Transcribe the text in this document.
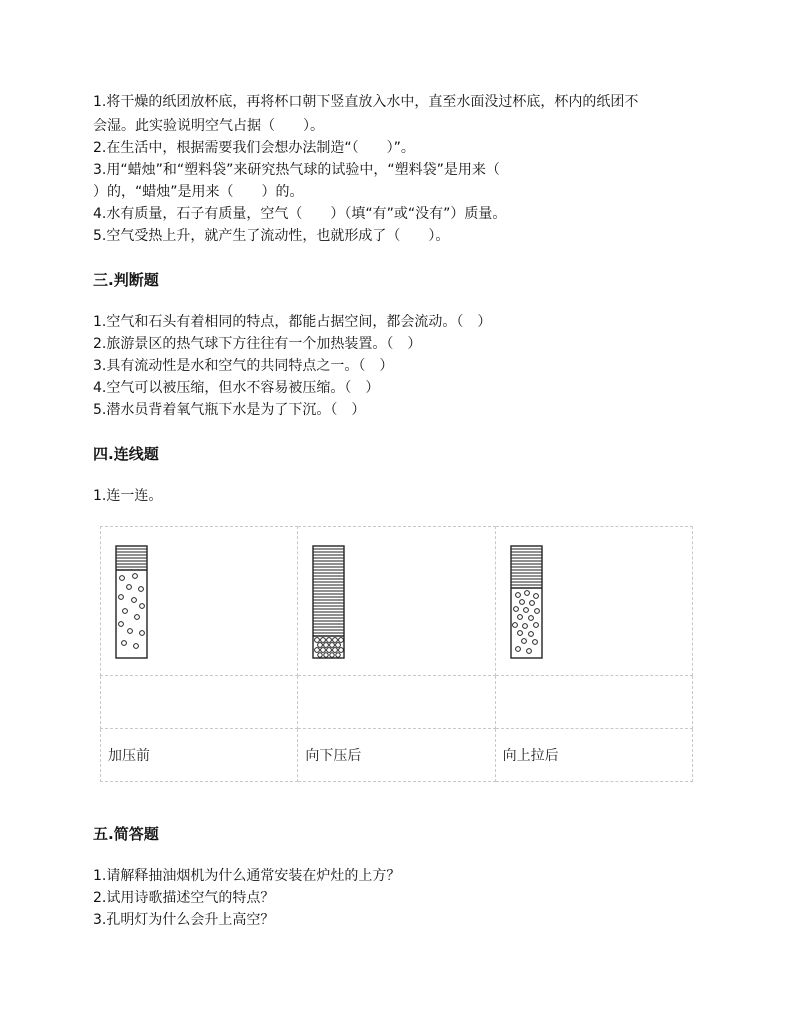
1.将干燥的纸团放杯底，再将杯口朝下竖直放入水中，直至水面没过杯底，杯内的纸团不
会湿。此实验说明空气占据（　　）。
2.在生活中，根据需要我们会想办法制造“（　　）”。
3.用“蜡烛”和“塑料袋”来研究热气球的试验中，“塑料袋”是用来（
）的，“蜡烛”是用来（　　）的。
4.水有质量，石子有质量，空气（　　）（填“有”或“没有”）质量。
5.空气受热上升，就产生了流动性，也就形成了（　　）。
三.判断题
1.空气和石头有着相同的特点，都能占据空间，都会流动。（　）
2.旅游景区的热气球下方往往有一个加热装置。（　）
3.具有流动性是水和空气的共同特点之一。（　）
4.空气可以被压缩，但水不容易被压缩。（　）
5.潜水员背着氧气瓶下水是为了下沉。（　）
四.连线题
1.连一连。

加压前	向下压后	向上拉后
五.简答题
1.请解释抽油烟机为什么通常安装在炉灶的上方？
2.试用诗歌描述空气的特点？
3.孔明灯为什么会升上高空？
